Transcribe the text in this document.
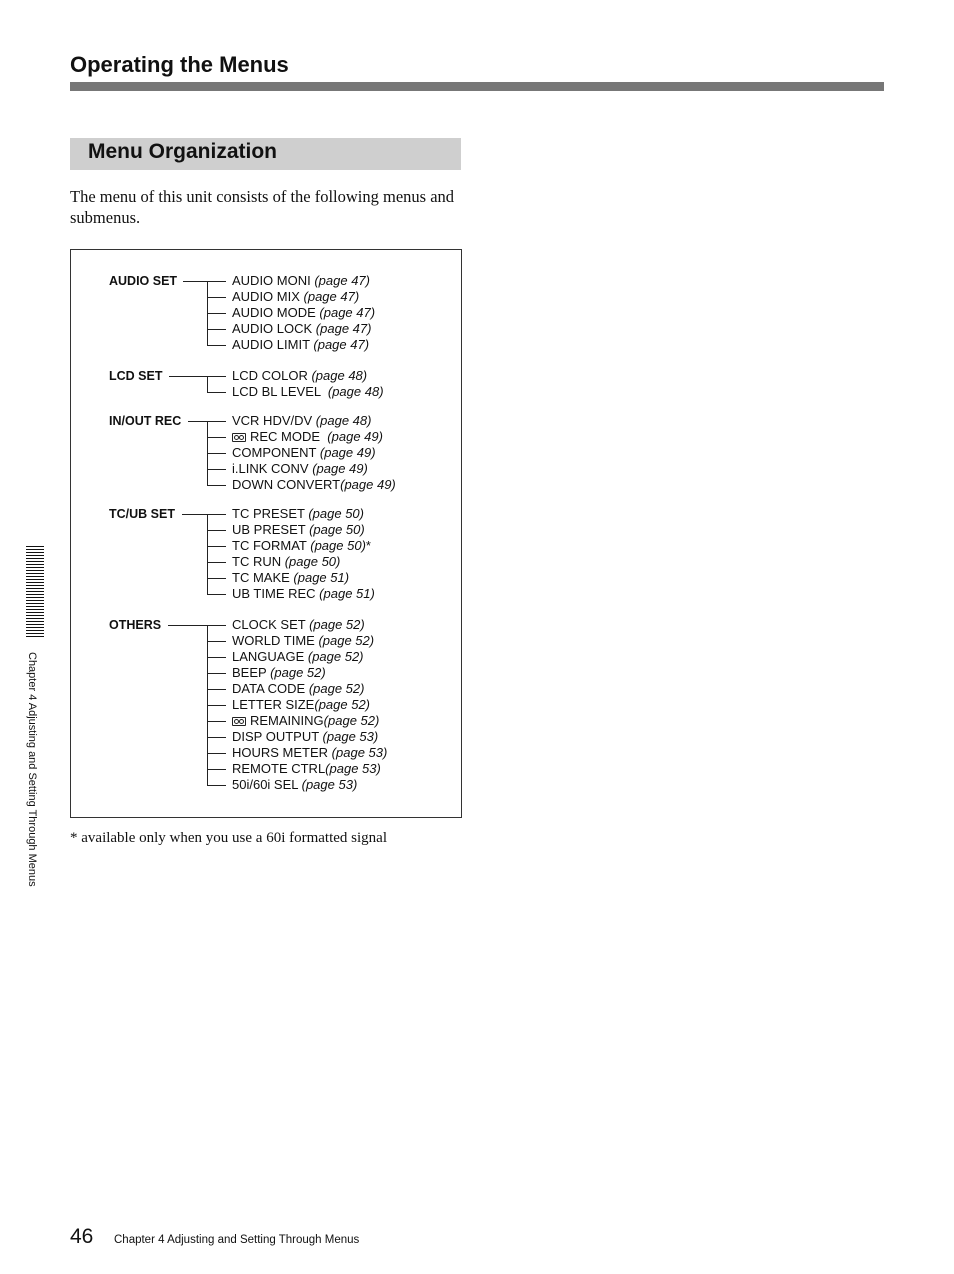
Operating the Menus
Menu Organization
The menu of this unit consists of the following menus and submenus.
AUDIO SET	AUDIO MONI (page 47)
AUDIO MIX (page 47)
AUDIO MODE (page 47)
AUDIO LOCK (page 47)
AUDIO LIMIT (page 47)
LCD SET	LCD COLOR (page 48)
LCD BL LEVEL  (page 48)
IN/OUT REC	VCR HDV/DV (page 48)
REC MODE  (page 49)
COMPONENT (page 49)
i.LINK CONV (page 49)
DOWN CONVERT(page 49)
TC/UB SET	TC PRESET (page 50)
UB PRESET (page 50)
TC FORMAT (page 50)*
TC RUN (page 50)
TC MAKE (page 51)
UB TIME REC (page 51)
OTHERS	CLOCK SET (page 52)
WORLD TIME (page 52)
LANGUAGE (page 52)
BEEP (page 52)
DATA CODE (page 52)
LETTER SIZE(page 52)
REMAINING(page 52)
DISP OUTPUT (page 53)
HOURS METER (page 53)
REMOTE CTRL(page 53)
50i/60i SEL (page 53)
* available only when you use a 60i formatted signal
Chapter 4 Adjusting and Setting Through Menus
46 Chapter 4 Adjusting and Setting Through Menus
